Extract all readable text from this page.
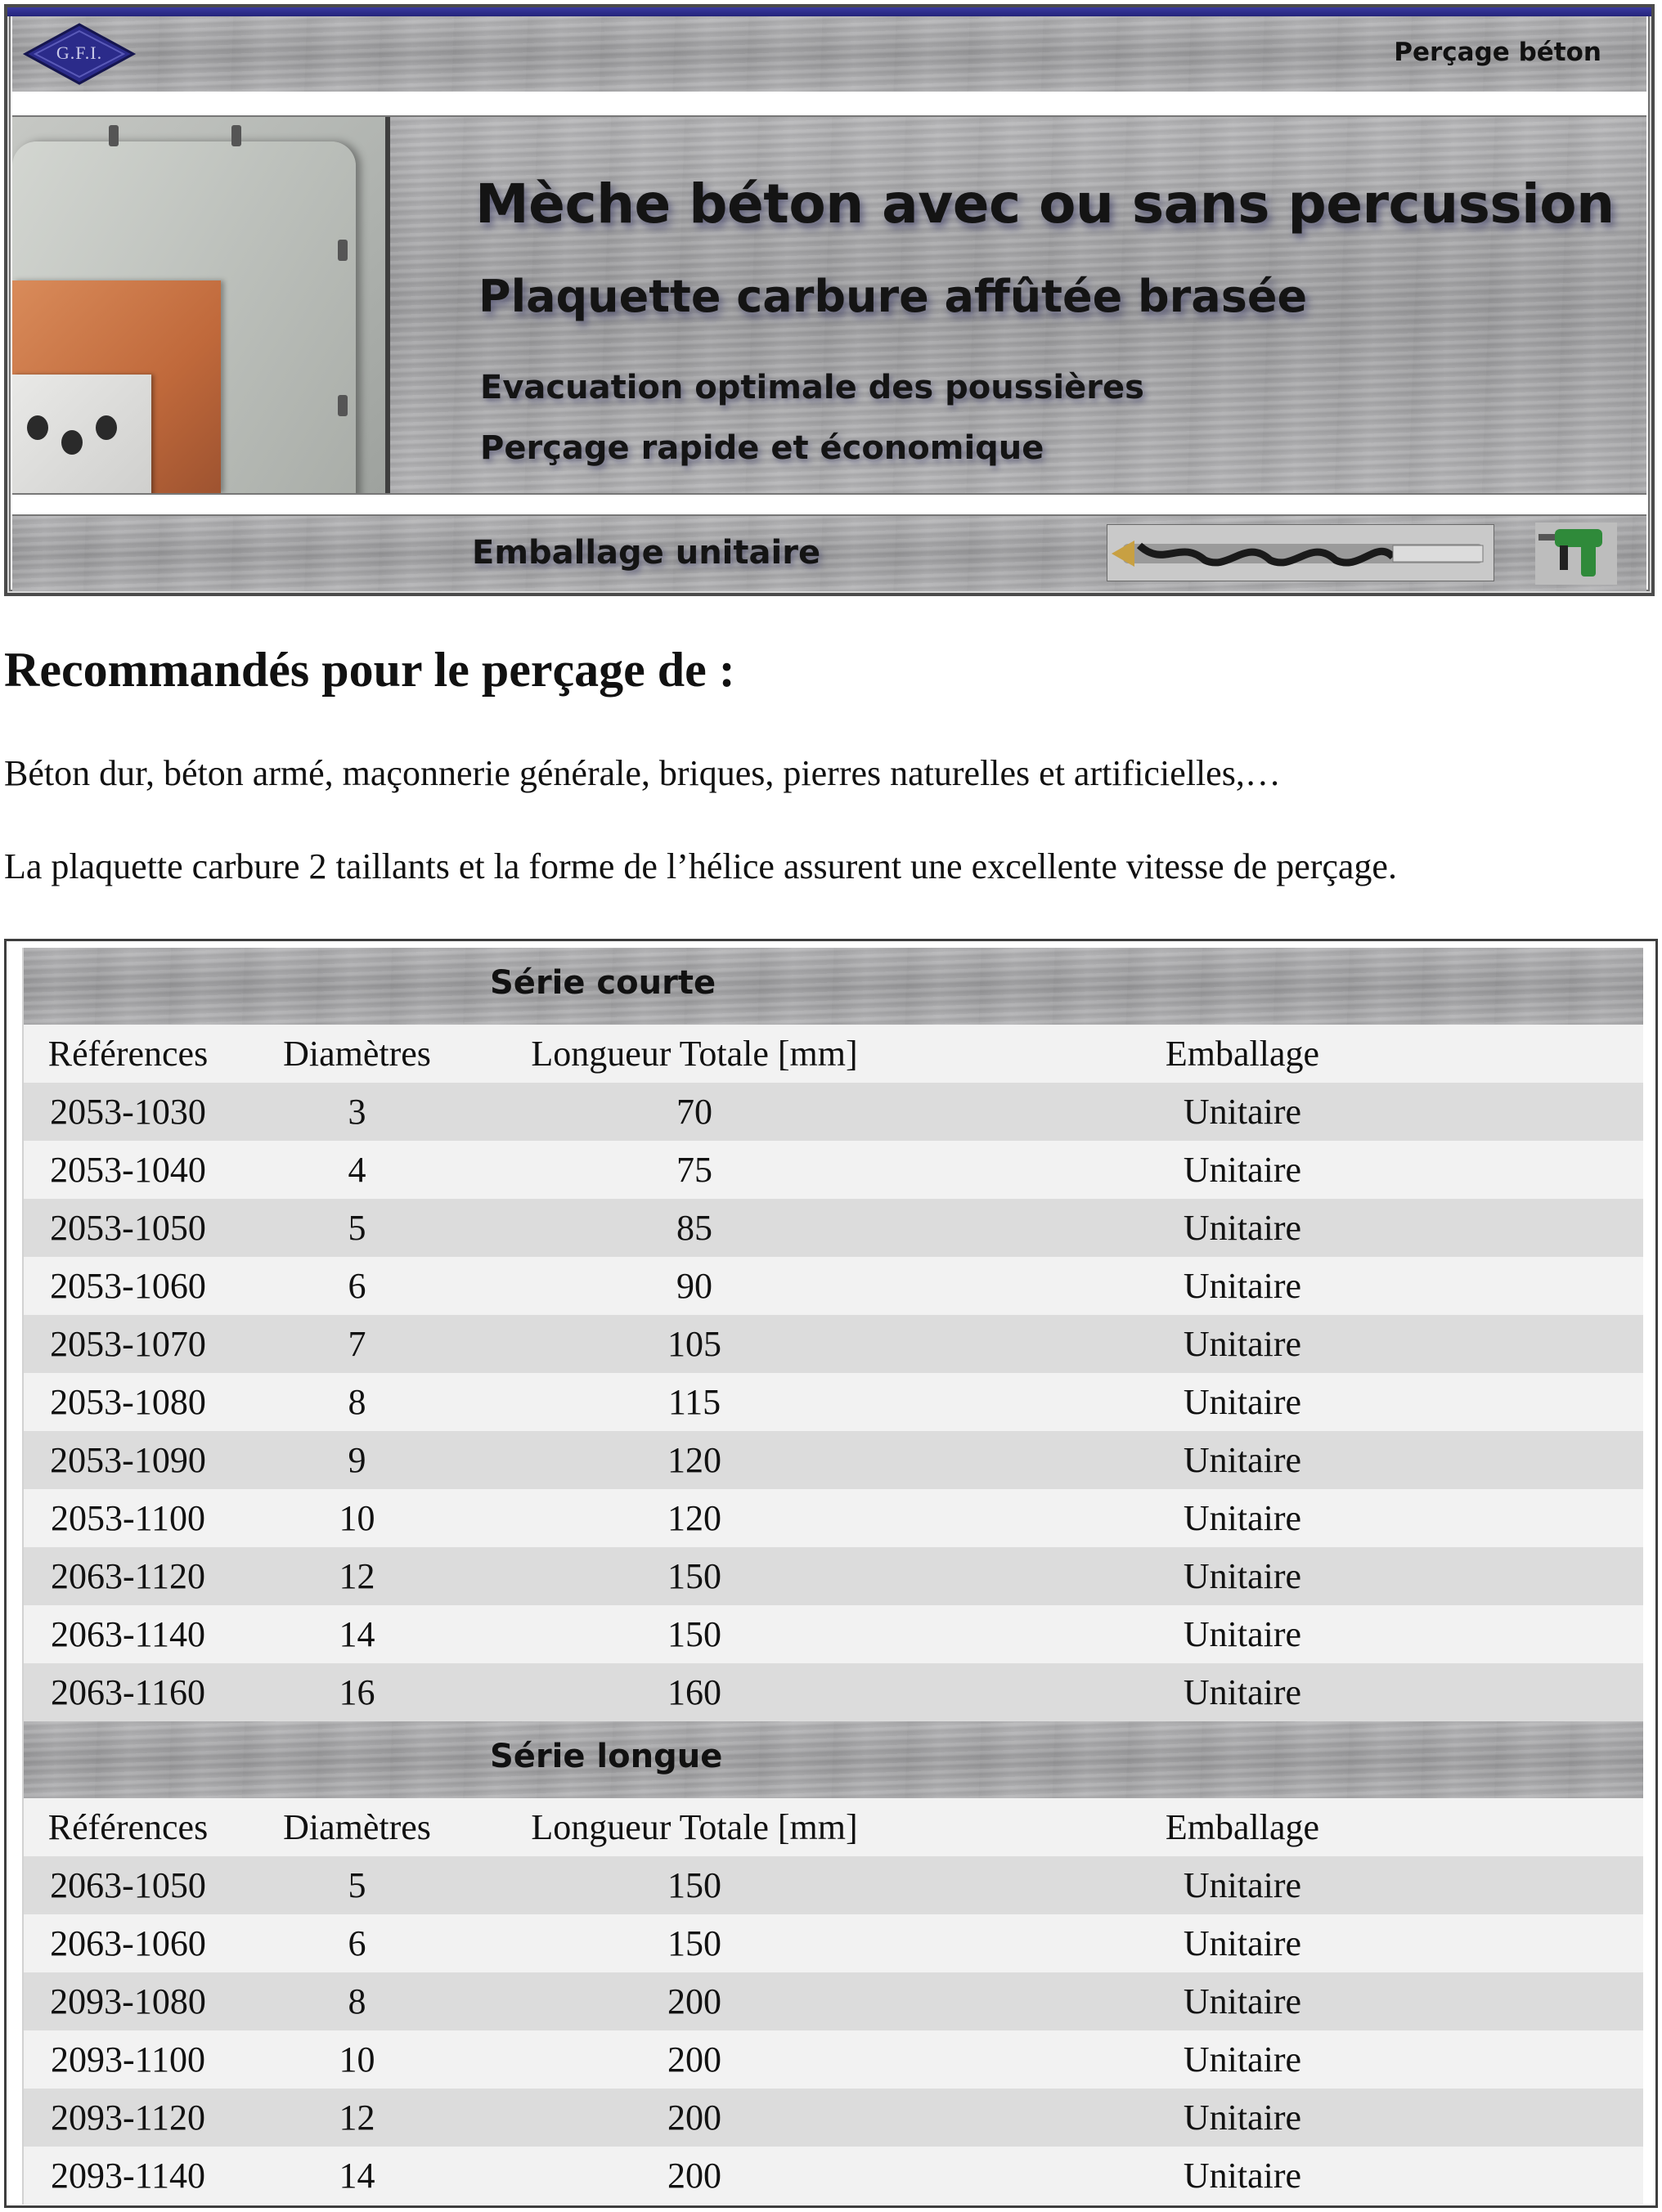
G.F.I.	Perçage béton
Mèche béton avec ou sans percussion
Plaquette carbure affûtée brasée

Evacuation optimale des poussières

Perçage rapide et économique

Emballage unitaire
Recommandés pour le perçage de :

Béton dur, béton armé, maçonnerie générale, briques, pierres naturelles et artificielles,…

La plaquette carbure 2 taillants et la forme de l’hélice assurent une excellente vitesse de perçage.

Série courte
Références	Diamètres	Longueur Totale [mm]	Emballage
2053-1030	3	70	Unitaire
2053-1040	4	75	Unitaire
2053-1050	5	85	Unitaire
2053-1060	6	90	Unitaire
2053-1070	7	105	Unitaire
2053-1080	8	115	Unitaire
2053-1090	9	120	Unitaire
2053-1100	10	120	Unitaire
2063-1120	12	150	Unitaire
2063-1140	14	150	Unitaire
2063-1160	16	160	Unitaire
Série longue
Références	Diamètres	Longueur Totale [mm]	Emballage
2063-1050	5	150	Unitaire
2063-1060	6	150	Unitaire
2093-1080	8	200	Unitaire
2093-1100	10	200	Unitaire
2093-1120	12	200	Unitaire
2093-1140	14	200	Unitaire
